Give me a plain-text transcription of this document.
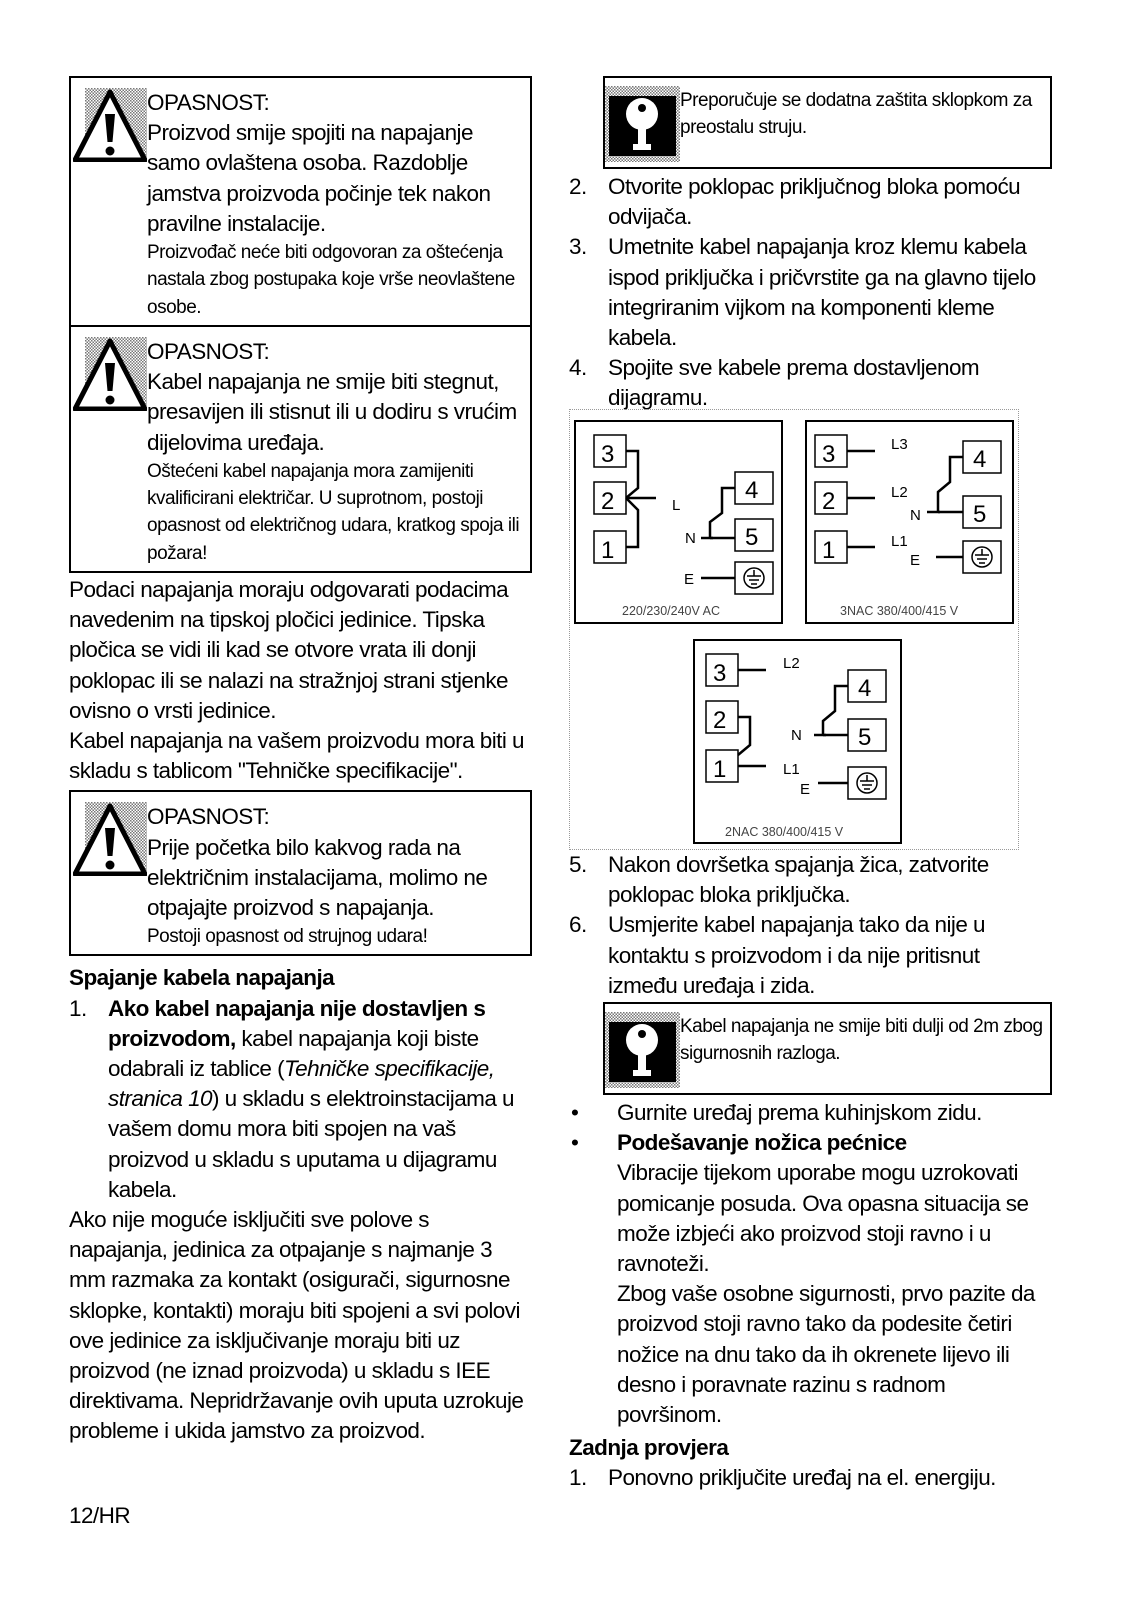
OPASNOST:
Proizvod smije spojiti na napajanje samo ovlaštena osoba. Razdoblje jamstva proizvoda počinje tek nakon pravilne instalacije.
Proizvođač neće biti odgovoran za oštećenja nastala zbog postupaka koje vrše neovlaštene osobe.
OPASNOST:
Kabel napajanja ne smije biti stegnut, presavijen ili stisnut ili u dodiru s vrućim dijelovima uređaja.
Oštećeni kabel napajanja mora zamijeniti kvalificirani električar. U suprotnom, postoji opasnost od električnog udara, kratkog spoja ili požara!

Podaci napajanja moraju odgovarati podacima navedenim na tipskoj pločici jedinice. Tipska pločica se vidi ili kad se otvore vrata ili donji poklopac ili se nalazi na stražnjoj strani stjenke ovisno o vrsti jedinice.

Kabel napajanja na vašem proizvodu mora biti u skladu s tablicom "Tehničke specifikacije".

OPASNOST:
Prije početka bilo kakvog rada na električnim instalacijama, molimo ne otpajajte proizvod s napajanja.
Postoji opasnost od strujnog udara!
Spajanje kabela napajanja
1. Ako kabel napajanja nije dostavljen s proizvodom, kabel napajanja koji biste odabrali iz tablice (Tehničke specifikacije, stranica 10) u skladu s elektroinstacijama u vašem domu mora biti spojen na vaš proizvod u skladu s uputama u dijagramu kabela.

Ako nije moguće isključiti sve polove s napajanja, jedinica za otpajanje s najmanje 3 mm razmaka za kontakt (osigurači, sigurnosne sklopke, kontakti) moraju biti spojeni a svi polovi ove jedinice za isključivanje moraju biti uz proizvod (ne iznad proizvoda) u skladu s IEE direktivama. Nepridržavanje ovih uputa uzrokuje probleme i ukida jamstvo za proizvod.

Preporučuje se dodatna zaštita sklopkom za preostalu struju.
2. Otvorite poklopac priključnog bloka pomoću odvijača.
3. Umetnite kabel napajanja kroz klemu kabela ispod priključka i pričvrstite ga na glavno tijelo integriranim vijkom na komponenti kleme kabela.
4. Spojite sve kabele prema dostavljenom dijagramu.
3
2
1
L
4
5
N
E
220/230/240V AC
3
2
1
L3
L2
L1
4
5
N
E
3NAC 380/400/415 V
3
2
1
L2
L1
4
5
N
E
2NAC 380/400/415 V
5. Nakon dovršetka spajanja žica, zatvorite poklopac bloka priključka.
6. Usmjerite kabel napajanja tako da nije u kontaktu s proizvodom i da nije pritisnut između uređaja i zida.
Kabel napajanja ne smije biti dulji od 2m zbog sigurnosnih razloga.
• Gurnite uređaj prema kuhinjskom zidu.
• Podešavanje nožica pećnice
Vibracije tijekom uporabe mogu uzrokovati pomicanje posuda. Ova opasna situacija se može izbjeći ako proizvod stoji ravno i u ravnoteži.
Zbog vaše osobne sigurnosti, prvo pazite da proizvod stoji ravno tako da podesite četiri nožice na dnu tako da ih okrenete lijevo ili desno i poravnate razinu s radnom površinom.
Zadnja provjera
1. Ponovno priključite uređaj na el. energiju.
12/HR
